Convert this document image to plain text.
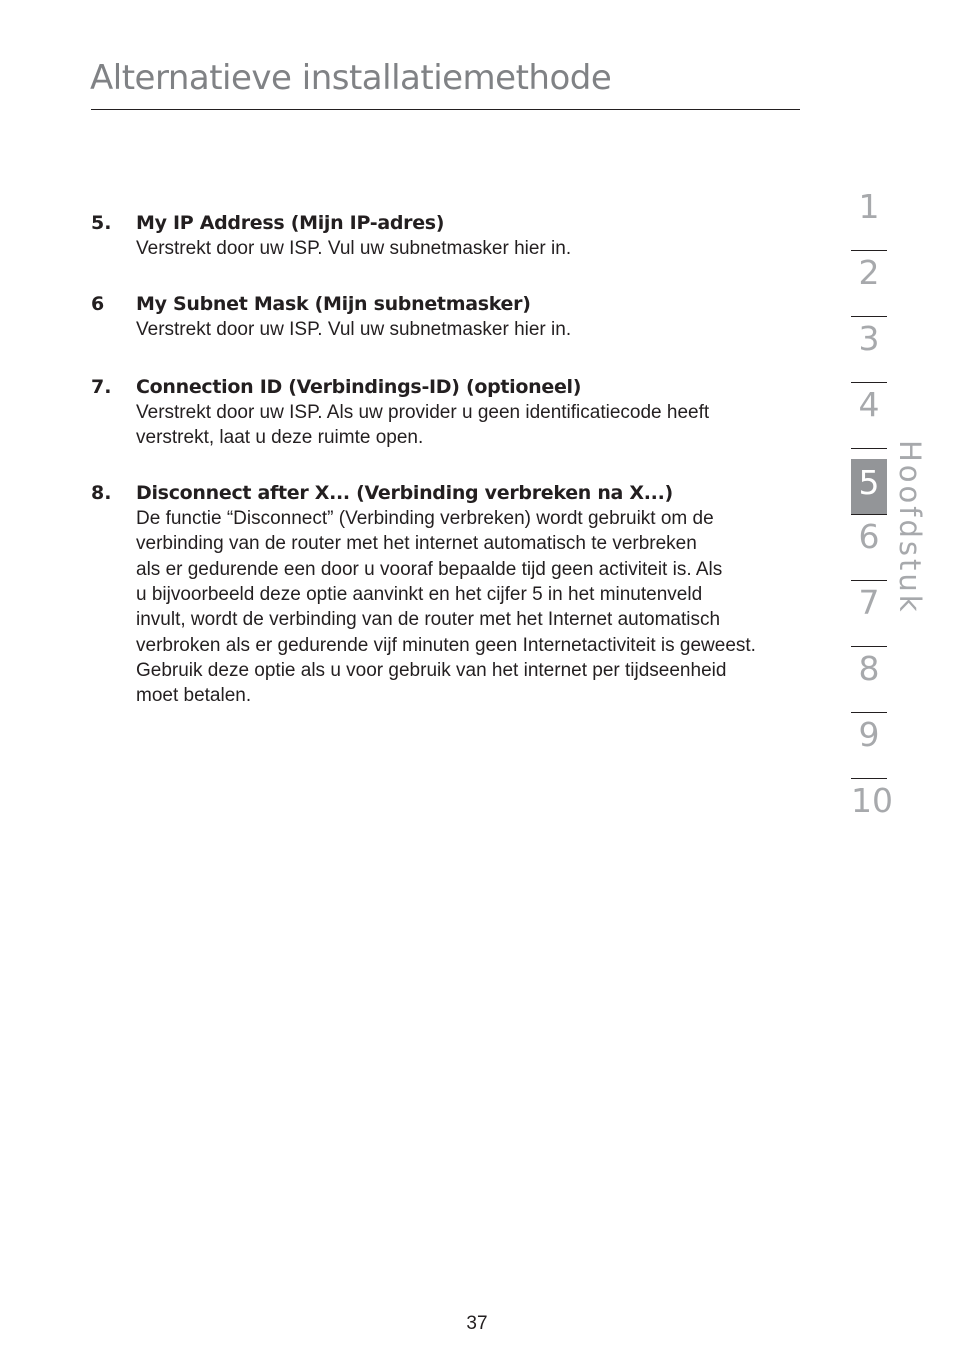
Alternatieve installatiemethode
5. My IP Address (Mijn IP-adres)
Verstrekt door uw ISP. Vul uw subnetmasker hier in.
6 My Subnet Mask (Mijn subnetmasker)
Verstrekt door uw ISP. Vul uw subnetmasker hier in.
7. Connection ID (Verbindings-ID) (optioneel)
Verstrekt door uw ISP. Als uw provider u geen identificatiecode heeft
verstrekt, laat u deze ruimte open.
8. Disconnect after X... (Verbinding verbreken na X...)
De functie “Disconnect” (Verbinding verbreken) wordt gebruikt om de
verbinding van de router met het internet automatisch te verbreken
als er gedurende een door u vooraf bepaalde tijd geen activiteit is. Als
u bijvoorbeeld deze optie aanvinkt en het cijfer 5 in het minutenveld
invult, wordt de verbinding van de router met het Internet automatisch
verbroken als er gedurende vijf minuten geen Internetactiviteit is geweest.
Gebruik deze optie als u voor gebruik van het internet per tijdseenheid
moet betalen.
1
2
3
4
5
6
7
8
9
10
Hoofdstuk
37
